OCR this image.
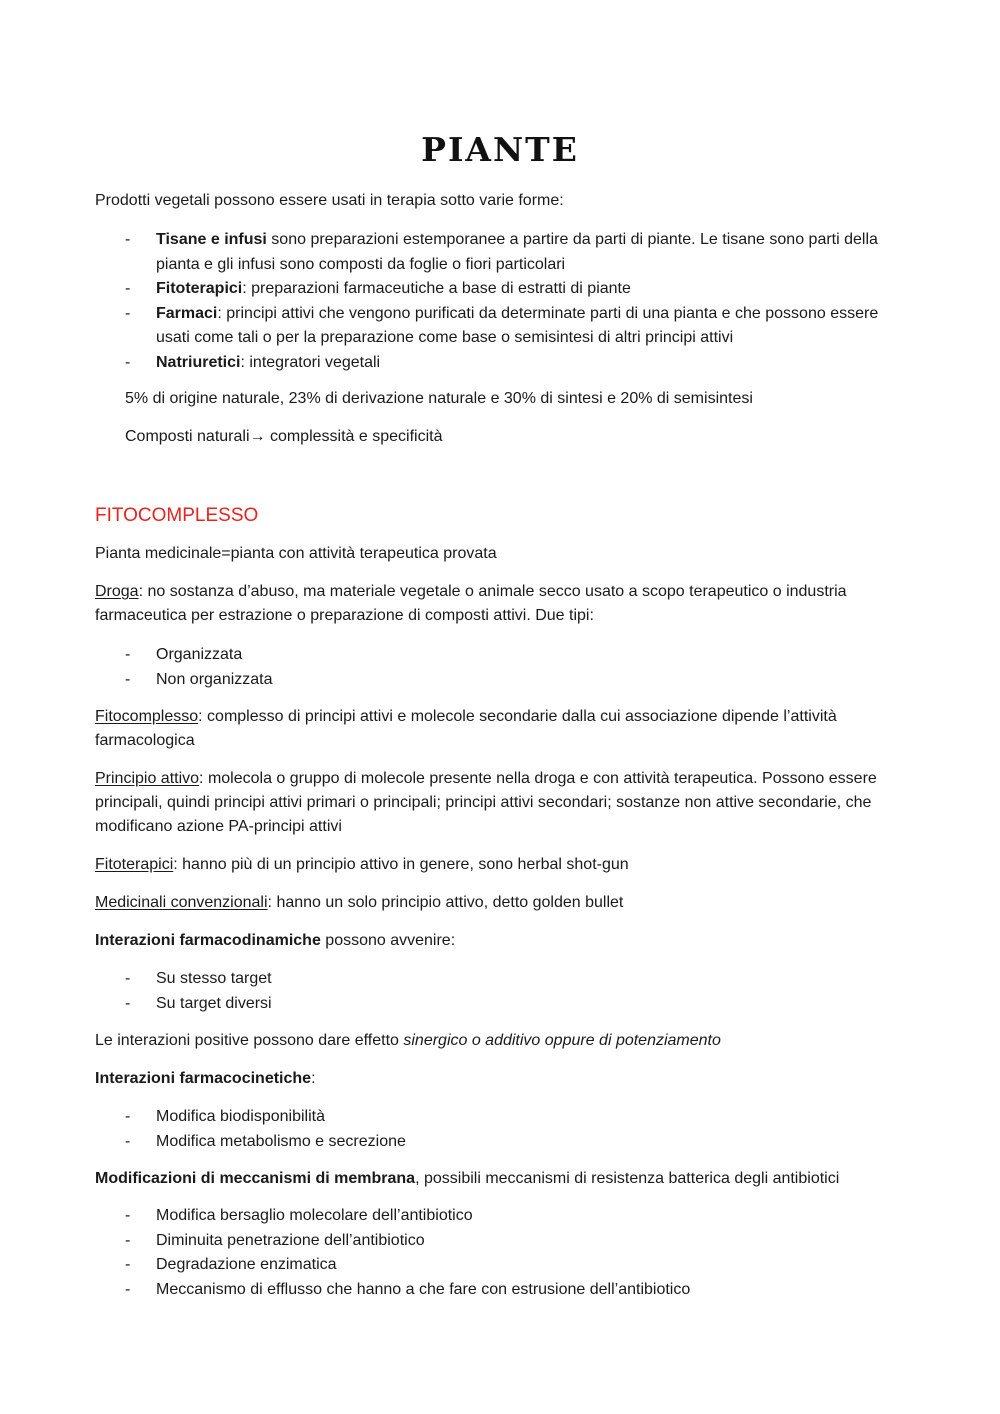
PIANTE

Prodotti vegetali possono essere usati in terapia sotto varie forme:

- Tisane e infusi sono preparazioni estemporanee a partire da parti di piante. Le tisane sono parti della pianta e gli infusi sono composti da foglie o fiori particolari
- Fitoterapici: preparazioni farmaceutiche a base di estratti di piante
- Farmaci: principi attivi che vengono purificati da determinate parti di una pianta e che possono essere usati come tali o per la preparazione come base o semisintesi di altri principi attivi
- Natriuretici: integratori vegetali

5% di origine naturale, 23% di derivazione naturale e 30% di sintesi e 20% di semisintesi

Composti naturali→ complessità e specificità

FITOCOMPLESSO

Pianta medicinale=pianta con attività terapeutica provata

Droga: no sostanza d’abuso, ma materiale vegetale o animale secco usato a scopo terapeutico o industria farmaceutica per estrazione o preparazione di composti attivi. Due tipi:

- Organizzata
- Non organizzata

Fitocomplesso: complesso di principi attivi e molecole secondarie dalla cui associazione dipende l’attività farmacologica

Principio attivo: molecola o gruppo di molecole presente nella droga e con attività terapeutica. Possono essere principali, quindi principi attivi primari o principali; principi attivi secondari; sostanze non attive secondarie, che modificano azione PA-principi attivi

Fitoterapici: hanno più di un principio attivo in genere, sono herbal shot-gun

Medicinali convenzionali: hanno un solo principio attivo, detto golden bullet

Interazioni farmacodinamiche possono avvenire:

- Su stesso target
- Su target diversi

Le interazioni positive possono dare effetto sinergico o additivo oppure di potenziamento

Interazioni farmacocinetiche:

- Modifica biodisponibilità
- Modifica metabolismo e secrezione

Modificazioni di meccanismi di membrana, possibili meccanismi di resistenza batterica degli antibiotici

- Modifica bersaglio molecolare dell’antibiotico
- Diminuita penetrazione dell’antibiotico
- Degradazione enzimatica
- Meccanismo di efflusso che hanno a che fare con estrusione dell’antibiotico
